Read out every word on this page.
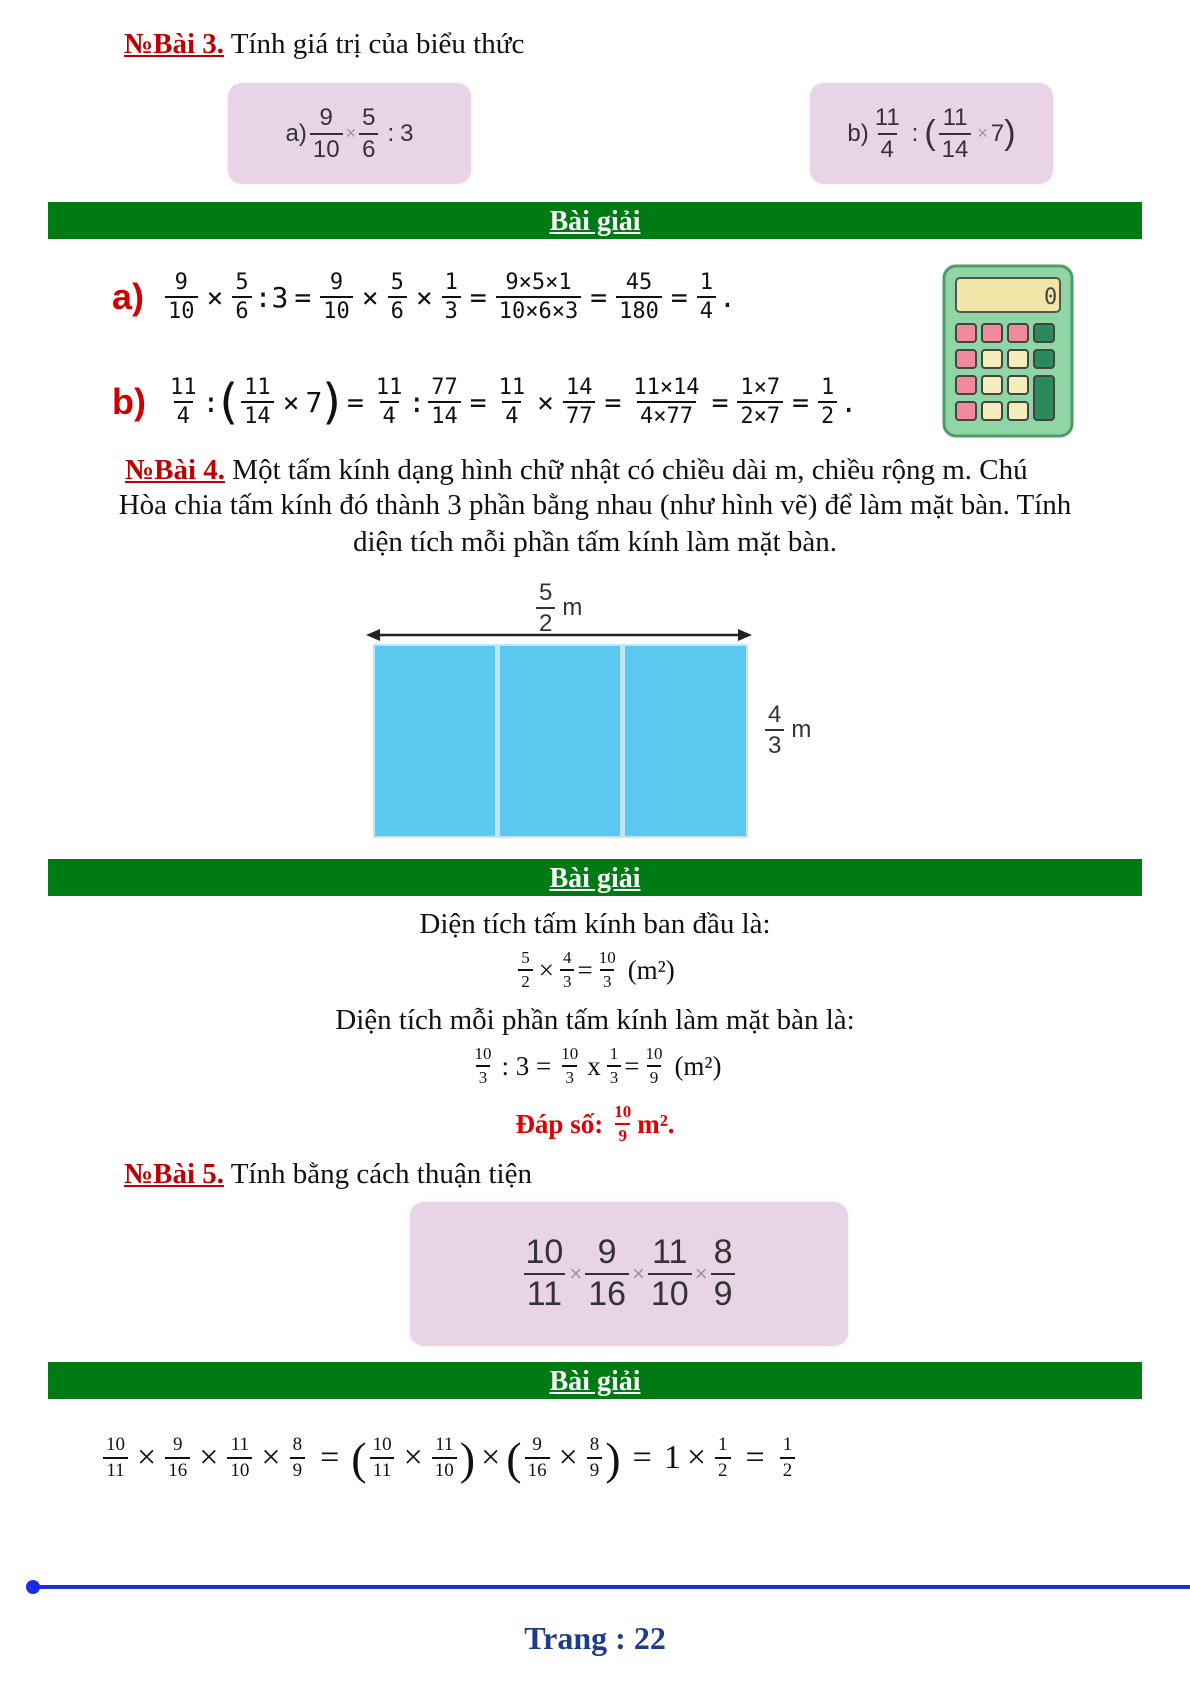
№Bài 3. Tính giá trị của biểu thức
$a) \frac{9}{10} \times \frac{5}{6}$ : 3	$b) \frac{11}{4}$ : ( $\frac{11}{14} \times 7$ )
Bài giải
$a) \frac{9}{10} \times \frac{5}{6}$ : $3 = \frac{9}{10} \times \frac{5}{6} \times \frac{1}{3} = \frac{9\times 5\times 1}{10\times 6\times 3} = \frac{45}{180} = \frac{1}{4}$ .
$b) \frac{11}{4}$ : ( $\frac{11}{14} \times 7$ ) = $\frac{11}{4}$ : $\frac{77}{14} = \frac{11}{4} \times \frac{14}{77} = \frac{11\times 14}{4\times 77} = \frac{1\times 7}{2\times 7} = \frac{1}{2}$ .
0
№Bài 4. Một tấm kính dạng hình chữ nhật có chiều dài m, chiều rộng m. Chú
Hòa chia tấm kính đó thành 3 phần bằng nhau (như hình vẽ) để làm mặt bàn. Tính
diện tích mỗi phần tấm kính làm mặt bàn.
$\frac{5}{2}$ m
$\frac{4}{3}$ m
Bài giải
Diện tích tấm kính ban đầu là:
$\frac{5}{2} \times \frac{4}{3} = \frac{10}{3} (m^2)$
Diện tích mỗi phần tấm kính làm mặt bàn là:
$\frac{10}{3}$ : $3 = \frac{10}{3}$ x $\frac{1}{3} = \frac{10}{9} (m^2)$
Đáp số: $\frac{10}{9} m^2$.
№Bài 5. Tính bằng cách thuận tiện
$\frac{10}{11} \times \frac{9}{16} \times \frac{11}{10} \times \frac{8}{9}$
Bài giải
$\frac{10}{11} \times \frac{9}{16} \times \frac{11}{10} \times \frac{8}{9}$ = ( $\frac{10}{11} \times \frac{11}{10}$ ) × ( $\frac{9}{16} \times \frac{8}{9}$ ) = $1 \times \frac{1}{2} = \frac{1}{2}$
Trang : 22
